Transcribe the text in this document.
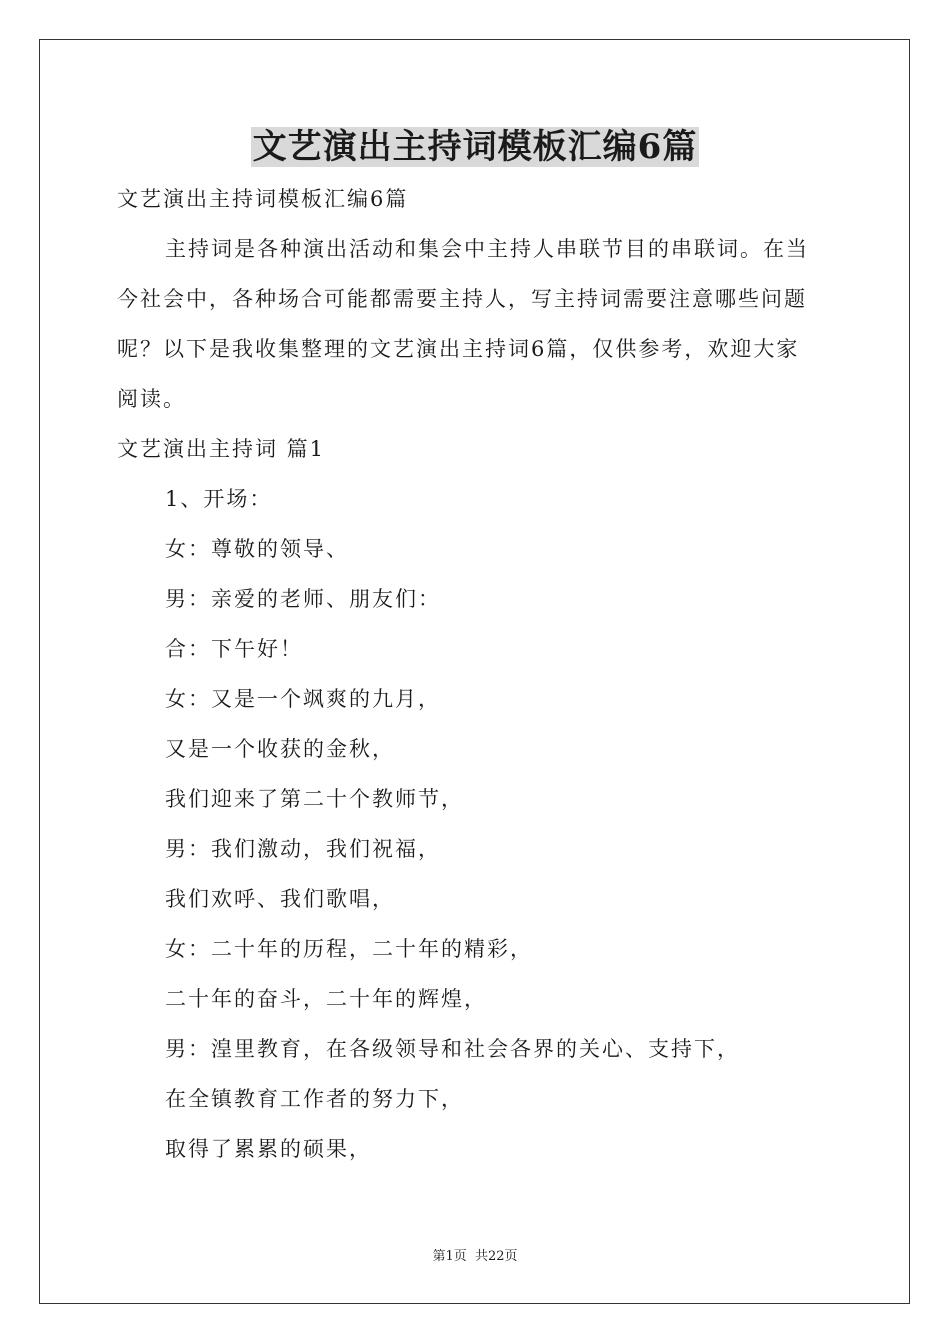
文艺演出主持词模板汇编6篇
文艺演出主持词模板汇编6篇
主持词是各种演出活动和集会中主持人串联节目的串联词。在当
今社会中，各种场合可能都需要主持人，写主持词需要注意哪些问题
呢？以下是我收集整理的文艺演出主持词6篇，仅供参考，欢迎大家
阅读。
文艺演出主持词 篇1
1、开场：
女：尊敬的领导、
男：亲爱的老师、朋友们：
合：下午好！
女：又是一个飒爽的九月，
又是一个收获的金秋，
我们迎来了第二十个教师节，
男：我们激动，我们祝福，
我们欢呼、我们歌唱，
女：二十年的历程，二十年的精彩，
二十年的奋斗，二十年的辉煌，
男：湟里教育，在各级领导和社会各界的关心、支持下，
在全镇教育工作者的努力下，
取得了累累的硕果，
第1页  共22页
